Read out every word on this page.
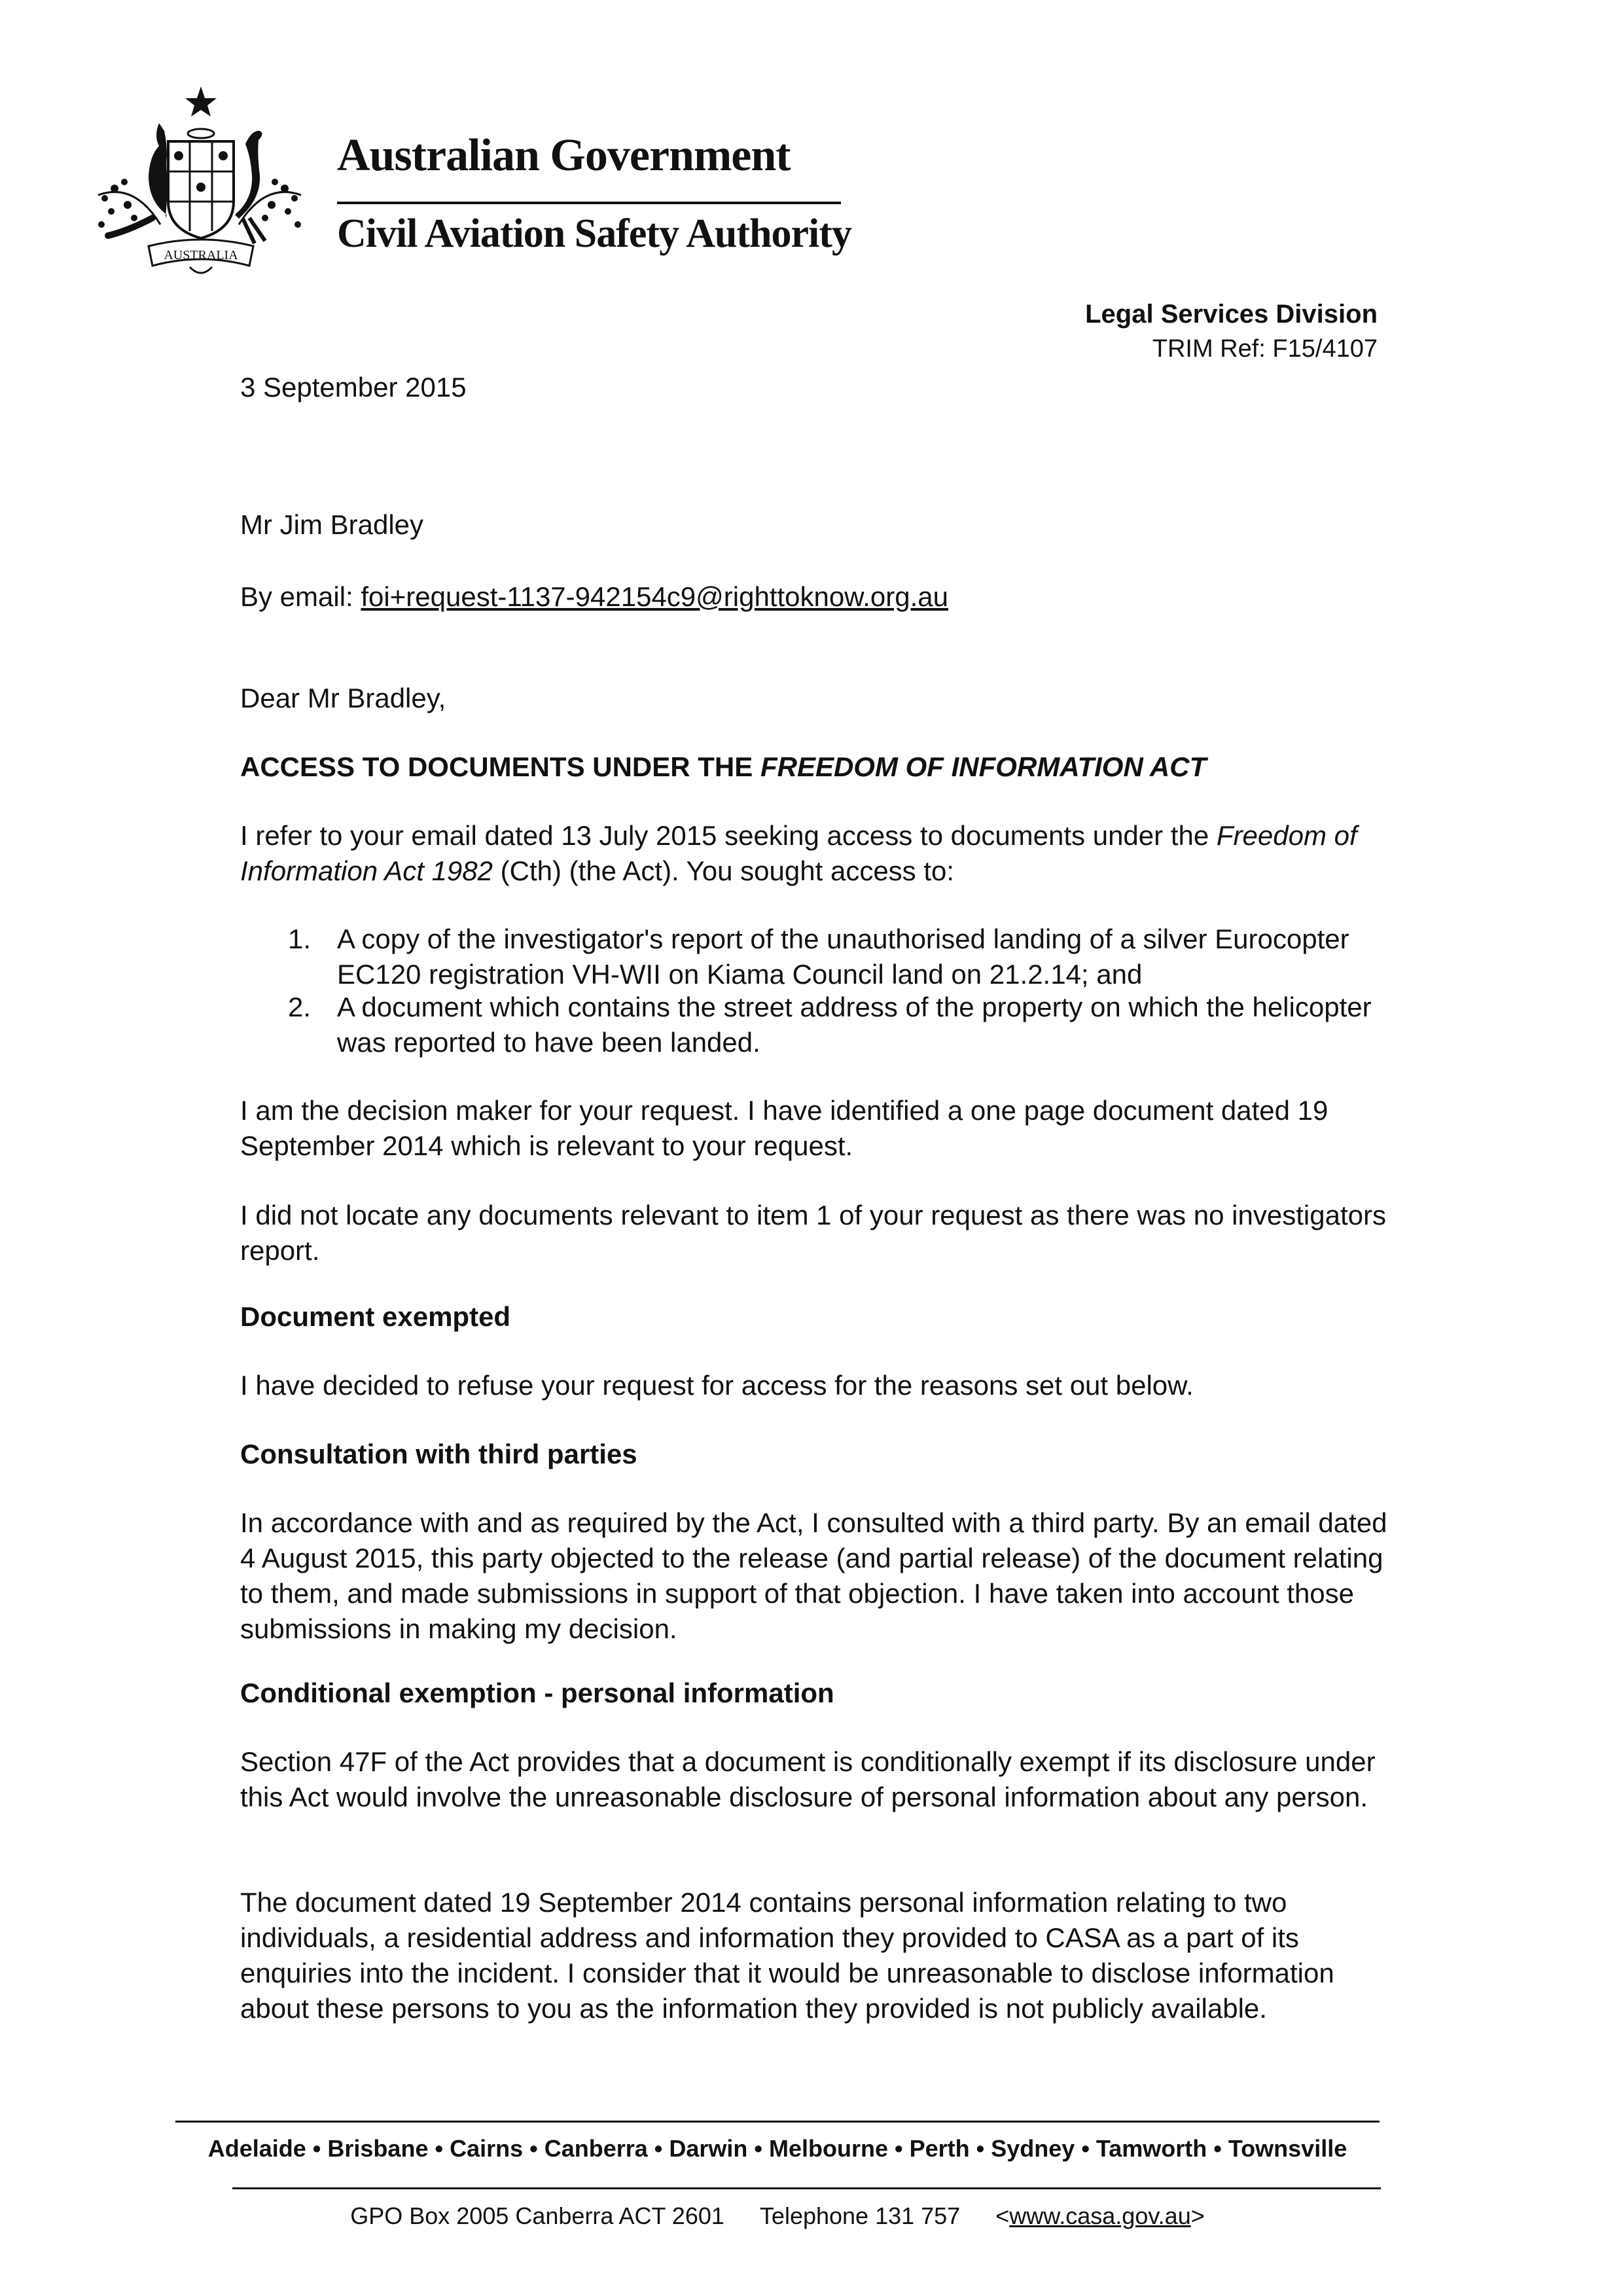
AUSTRALIA
Australian Government
Civil Aviation Safety Authority
Legal Services Division
TRIM Ref: F15/4107
3 September 2015
Mr Jim Bradley
By email: foi+request-1137-942154c9@righttoknow.org.au
Dear Mr Bradley,
ACCESS TO DOCUMENTS UNDER THE FREEDOM OF INFORMATION ACT
I refer to your email dated 13 July 2015 seeking access to documents under the Freedom of Information Act 1982 (Cth) (the Act). You sought access to:
1. A copy of the investigator's report of the unauthorised landing of a silver Eurocopter EC120 registration VH-WII on Kiama Council land on 21.2.14; and
2. A document which contains the street address of the property on which the helicopter was reported to have been landed.
I am the decision maker for your request. I have identified a one page document dated 19 September 2014 which is relevant to your request.
I did not locate any documents relevant to item 1 of your request as there was no investigators report.
Document exempted
I have decided to refuse your request for access for the reasons set out below.
Consultation with third parties
In accordance with and as required by the Act, I consulted with a third party. By an email dated 4 August 2015, this party objected to the release (and partial release) of the document relating to them, and made submissions in support of that objection. I have taken into account those submissions in making my decision.
Conditional exemption - personal information
Section 47F of the Act provides that a document is conditionally exempt if its disclosure under this Act would involve the unreasonable disclosure of personal information about any person.
The document dated 19 September 2014 contains personal information relating to two individuals, a residential address and information they provided to CASA as a part of its enquiries into the incident. I consider that it would be unreasonable to disclose information about these persons to you as the information they provided is not publicly available.
Adelaide • Brisbane • Cairns • Canberra • Darwin • Melbourne • Perth • Sydney • Tamworth • Townsville
GPO Box 2005 Canberra ACT 2601 Telephone 131 757 <www.casa.gov.au>
